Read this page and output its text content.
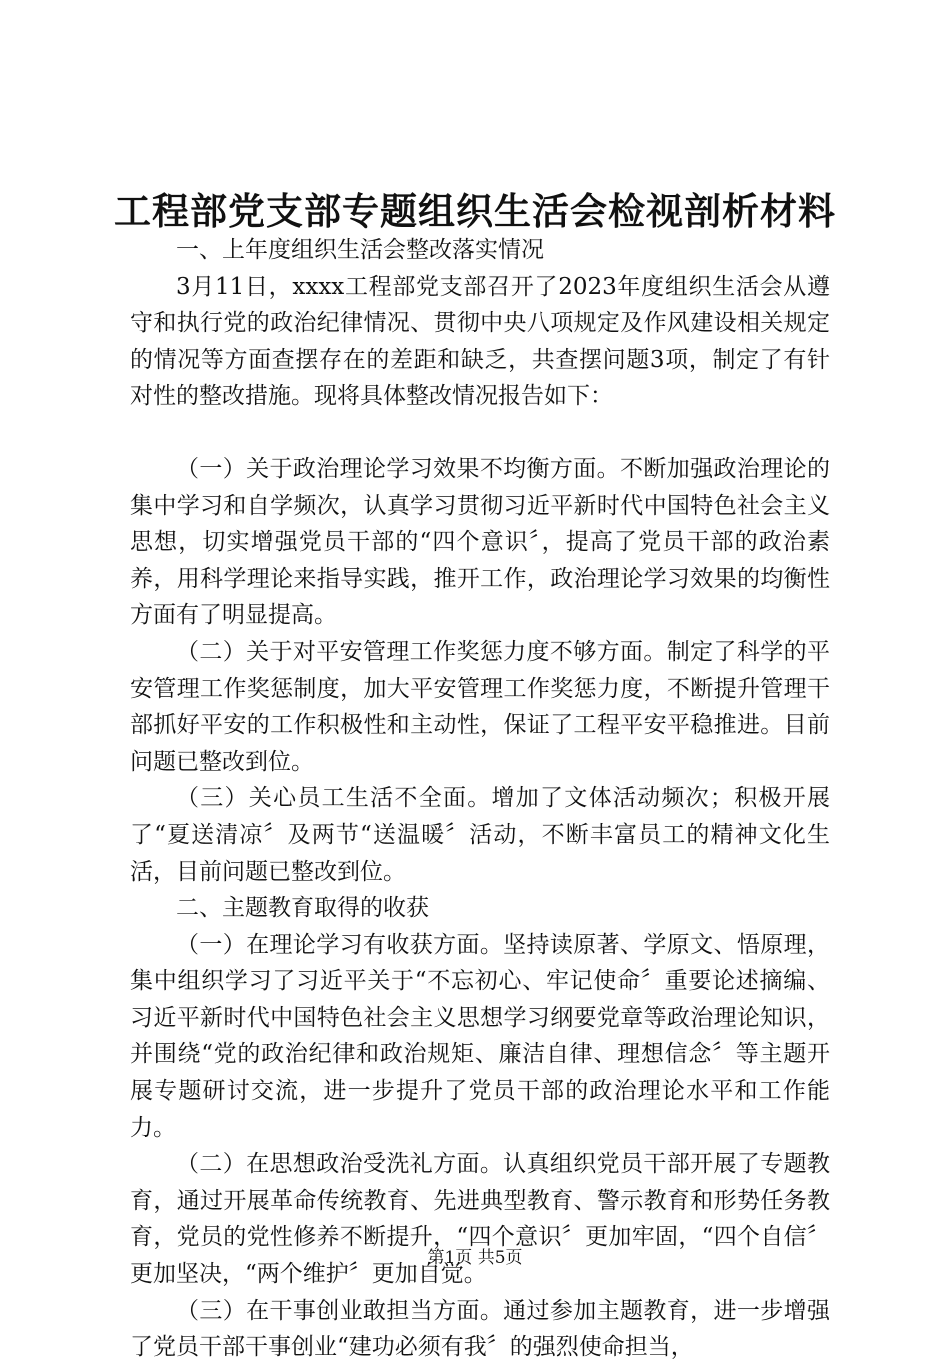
工程部党支部专题组织生活会检视剖析材料

一、上年度组织生活会整改落实情况

3月11日，xxxx工程部党支部召开了2023年度组织生活会从遵守和执行党的政治纪律情况、贯彻中央八项规定及作风建设相关规定的情况等方面查摆存在的差距和缺乏，共查摆问题3项，制定了有针对性的整改措施。现将具体整改情况报告如下：

（一）关于政治理论学习效果不均衡方面。不断加强政治理论的集中学习和自学频次，认真学习贯彻习近平新时代中国特色社会主义思想，切实增强党员干部的“四个意识〞，提高了党员干部的政治素养，用科学理论来指导实践，推开工作，政治理论学习效果的均衡性方面有了明显提高。

（二）关于对平安管理工作奖惩力度不够方面。制定了科学的平安管理工作奖惩制度，加大平安管理工作奖惩力度，不断提升管理干部抓好平安的工作积极性和主动性，保证了工程平安平稳推进。目前问题已整改到位。

（三）关心员工生活不全面。增加了文体活动频次；积极开展了“夏送清凉〞及两节“送温暖〞活动，不断丰富员工的精神文化生活，目前问题已整改到位。

二、主题教育取得的收获

（一）在理论学习有收获方面。坚持读原著、学原文、悟原理，集中组织学习了习近平关于“不忘初心、牢记使命〞重要论述摘编、习近平新时代中国特色社会主义思想学习纲要党章等政治理论知识，并围绕“党的政治纪律和政治规矩、廉洁自律、理想信念〞等主题开展专题研讨交流，进一步提升了党员干部的政治理论水平和工作能力。

（二）在思想政治受洗礼方面。认真组织党员干部开展了专题教育，通过开展革命传统教育、先进典型教育、警示教育和形势任务教育，党员的党性修养不断提升，“四个意识〞更加牢固，“四个自信〞更加坚决，“两个维护〞更加自觉。

（三）在干事创业敢担当方面。通过参加主题教育，进一步增强了党员干部干事创业“建功必须有我〞的强烈使命担当，

第1页 共5页
